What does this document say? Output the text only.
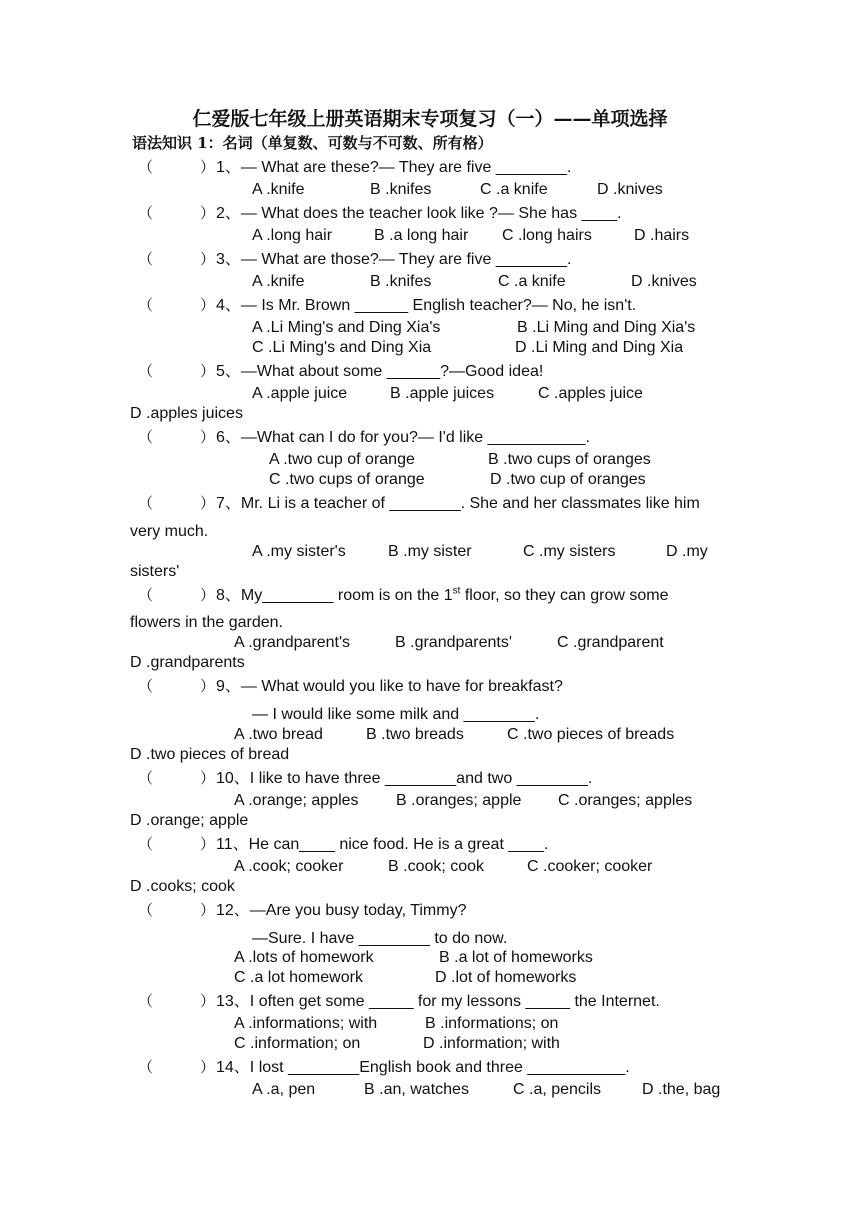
仁爱版七年级上册英语期末专项复习（一）——单项选择
语法知识 1：名词（单复数、可数与不可数、所有格）
（	） 1、— What are these?— They are five ________.
A .knife	B .knifes	C .a knife	D .knives
（	） 2、— What does the teacher look like ?— She has ____.
A .long hair	B .a long hair C .long hairs	D .hairs
（	） 3、— What are those?— They are five ________.
A .knife	B .knifes	C .a knife	D .knives
（	） 4、— Is Mr. Brown ______ English teacher?— No, he isn't.
A .Li Ming's and Ding Xia's	B .Li Ming and Ding Xia's
C .Li Ming's and Ding Xia	D .Li Ming and Ding Xia
（	） 5、—What about some ______?—Good idea!
A .apple juice	B .apple juices	C .apples juice
D .apples juices
（	） 6、—What can I do for you?— I'd like ___________.
A .two cup of orange	B .two cups of oranges
C .two cups of orange	D .two cup of oranges
（	） 7、Mr. Li is a teacher of ________. She and her classmates like him
very much.
A .my sister's	B .my sister	C .my sisters	D .my
sisters'
（	） 8、My________ room is on the 1st floor, so they can grow some
flowers in the garden.
A .grandparent's	B .grandparents'	C .grandparent
D .grandparents
（	） 9、— What would you like to have for breakfast?
— I would like some milk and ________.
A .two bread	B .two breads	C .two pieces of breads
D .two pieces of bread
（	） 10、I like to have three ________and two ________.
A .orange; apples B .oranges; apple C .oranges; apples
D .orange; apple
（	） 11、He can____ nice food. He is a great ____.
A .cook; cooker	B .cook; cook	C .cooker; cooker
D .cooks; cook
（	） 12、—Are you busy today, Timmy?
—Sure. I have ________ to do now.
A .lots of homework	B .a lot of homeworks
C .a lot homework	D .lot of homeworks
（	） 13、I often get some _____ for my lessons _____ the Internet.
A .informations; with	B .informations; on
C .information; on	D .information; with
（	） 14、I lost ________English book and three ___________.
A .a, pen	B .an, watches	C .a, pencils	D .the, bag
